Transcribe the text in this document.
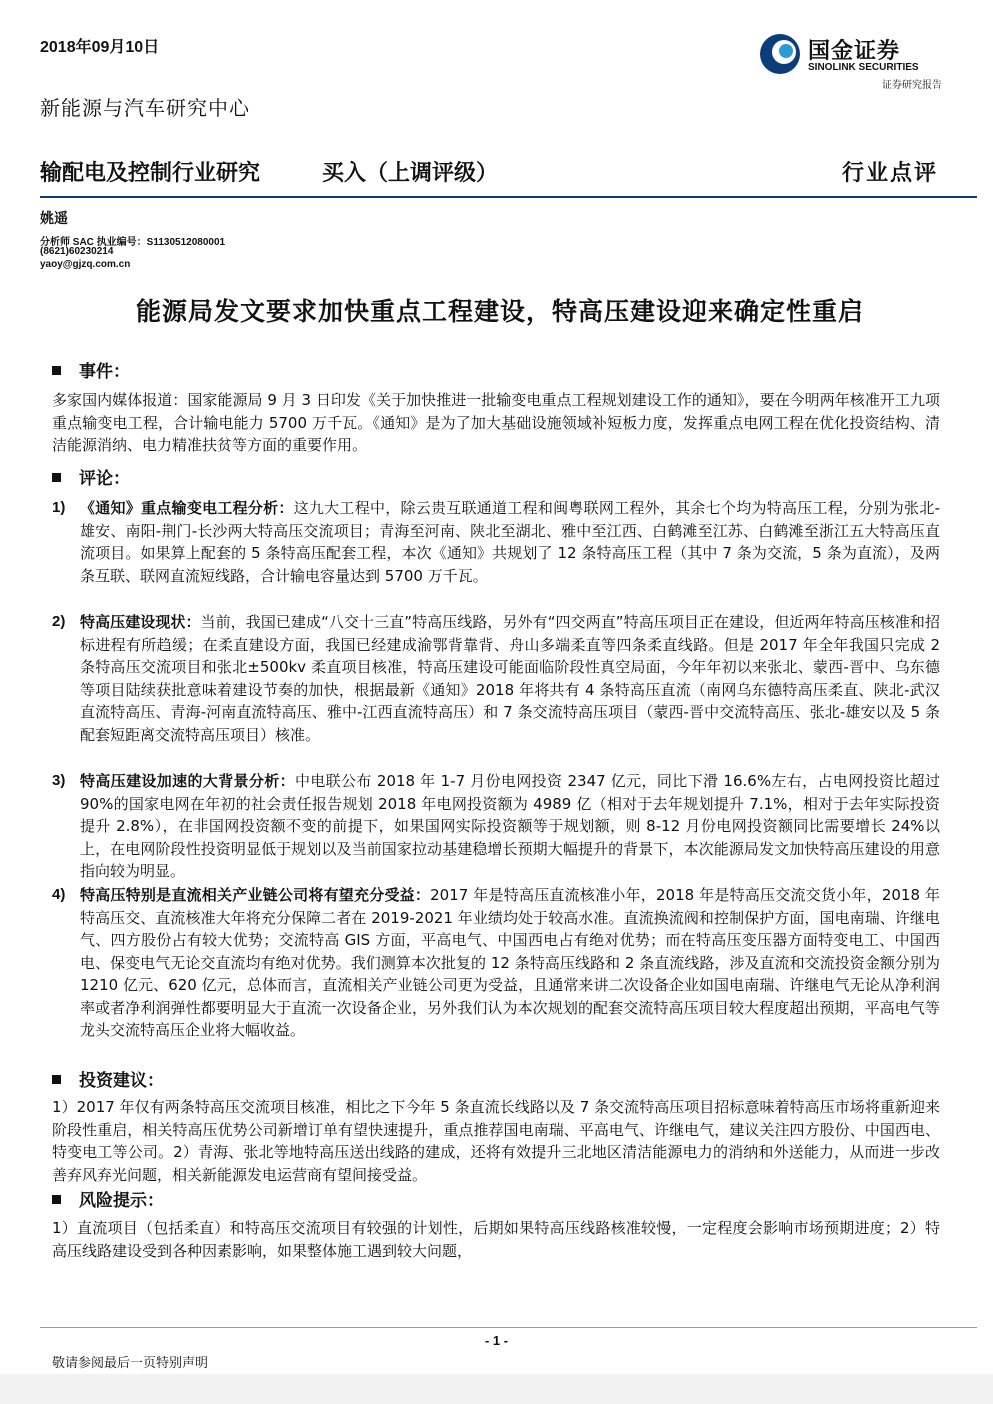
2018年09月10日
新能源与汽车研究中心
国金证券
SINOLINK SECURITIES
证券研究报告
输配电及控制行业研究	买入（上调评级）	行业点评
姚遥
分析师 SAC 执业编号：S1130512080001
(8621)60230214
yaoy@gjzq.com.cn
能源局发文要求加快重点工程建设，特高压建设迎来确定性重启
事件：
多家国内媒体报道：国家能源局 9 月 3 日印发《关于加快推进一批输变电重点工程规划建设工作的通知》，要在今明两年核准开工九项重点输变电工程，合计输电能力 5700 万千瓦。《通知》是为了加大基础设施领域补短板力度，发挥重点电网工程在优化投资结构、清洁能源消纳、电力精准扶贫等方面的重要作用。
评论：
1) 《通知》重点输变电工程分析：这九大工程中，除云贵互联通道工程和闽粤联网工程外，其余七个均为特高压工程，分别为张北-雄安、南阳-荆门-长沙两大特高压交流项目；青海至河南、陕北至湖北、雅中至江西、白鹤滩至江苏、白鹤滩至浙江五大特高压直流项目。如果算上配套的 5 条特高压配套工程，本次《通知》共规划了 12 条特高压工程（其中 7 条为交流，5 条为直流），及两条互联、联网直流短线路，合计输电容量达到 5700 万千瓦。
2) 特高压建设现状：当前，我国已建成“八交十三直”特高压线路，另外有“四交两直”特高压项目正在建设，但近两年特高压核准和招标进程有所趋缓；在柔直建设方面，我国已经建成渝鄂背靠背、舟山多端柔直等四条柔直线路。但是 2017 年全年我国只完成 2 条特高压交流项目和张北±500kv 柔直项目核准，特高压建设可能面临阶段性真空局面，今年年初以来张北、蒙西-晋中、乌东德等项目陆续获批意味着建设节奏的加快，根据最新《通知》2018 年将共有 4 条特高压直流（南网乌东德特高压柔直、陕北-武汉直流特高压、青海-河南直流特高压、雅中-江西直流特高压）和 7 条交流特高压项目（蒙西-晋中交流特高压、张北-雄安以及 5 条配套短距离交流特高压项目）核准。
3) 特高压建设加速的大背景分析：中电联公布 2018 年 1-7 月份电网投资 2347 亿元，同比下滑 16.6%左右，占电网投资比超过 90%的国家电网在年初的社会责任报告规划 2018 年电网投资额为 4989 亿（相对于去年规划提升 7.1%，相对于去年实际投资提升 2.8%），在非国网投资额不变的前提下，如果国网实际投资额等于规划额，则 8-12 月份电网投资额同比需要增长 24%以上，在电网阶段性投资明显低于规划以及当前国家拉动基建稳增长预期大幅提升的背景下，本次能源局发文加快特高压建设的用意指向较为明显。
4) 特高压特别是直流相关产业链公司将有望充分受益：2017 年是特高压直流核准小年，2018 年是特高压交流交货小年，2018 年特高压交、直流核准大年将充分保障二者在 2019-2021 年业绩均处于较高水准。直流换流阀和控制保护方面，国电南瑞、许继电气、四方股份占有较大优势；交流特高 GIS 方面，平高电气、中国西电占有绝对优势；而在特高压变压器方面特变电工、中国西电、保变电气无论交直流均有绝对优势。我们测算本次批复的 12 条特高压线路和 2 条直流线路，涉及直流和交流投资金额分别为 1210 亿元、620 亿元，总体而言，直流相关产业链公司更为受益，且通常来讲二次设备企业如国电南瑞、许继电气无论从净利润率或者净利润弹性都要明显大于直流一次设备企业，另外我们认为本次规划的配套交流特高压项目较大程度超出预期，平高电气等龙头交流特高压企业将大幅收益。
投资建议：
1）2017 年仅有两条特高压交流项目核准，相比之下今年 5 条直流长线路以及 7 条交流特高压项目招标意味着特高压市场将重新迎来阶段性重启，相关特高压优势公司新增订单有望快速提升，重点推荐国电南瑞、平高电气、许继电气，建议关注四方股份、中国西电、特变电工等公司。2）青海、张北等地特高压送出线路的建成，还将有效提升三北地区清洁能源电力的消纳和外送能力，从而进一步改善弃风弃光问题，相关新能源发电运营商有望间接受益。
风险提示：
1）直流项目（包括柔直）和特高压交流项目有较强的计划性，后期如果特高压线路核准较慢，一定程度会影响市场预期进度；2）特高压线路建设受到各种因素影响，如果整体施工遇到较大问题，
- 1 -
敬请参阅最后一页特别声明
